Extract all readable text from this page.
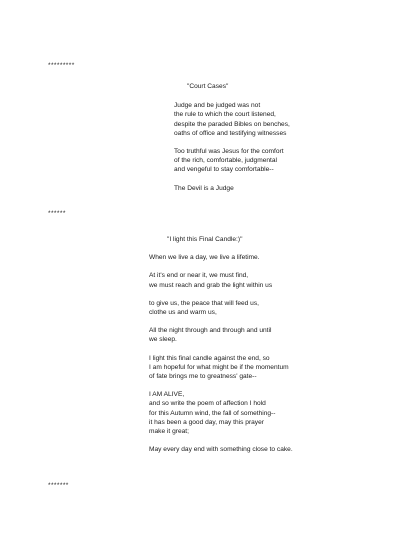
*********
"Court Cases"
Judge and be judged was not
the rule to which the court listened,
despite the paraded Bibles on benches,
oaths of office and testifying witnesses
Too truthful was Jesus for the comfort
of the rich, comfortable, judgmental
and vengeful to stay comfortable--
The Devil is a Judge
******
"I light this Final Candle:)"
When we live a day, we live a lifetime.
At it's end or near it, we must find,
we must reach and grab the light within us
to give us, the peace that will feed us,
clothe us and warm us,
All the night through and through and until
we sleep.
I light this final candle against the end, so
I am hopeful for what might be if the momentum
of fate brings me to greatness' gate--
I AM ALIVE,
and so write the poem of affection I hold
for this Autumn wind, the fall of something--
it has been a good day, may this prayer
make it great;
May every day end with something close to cake.
*******
